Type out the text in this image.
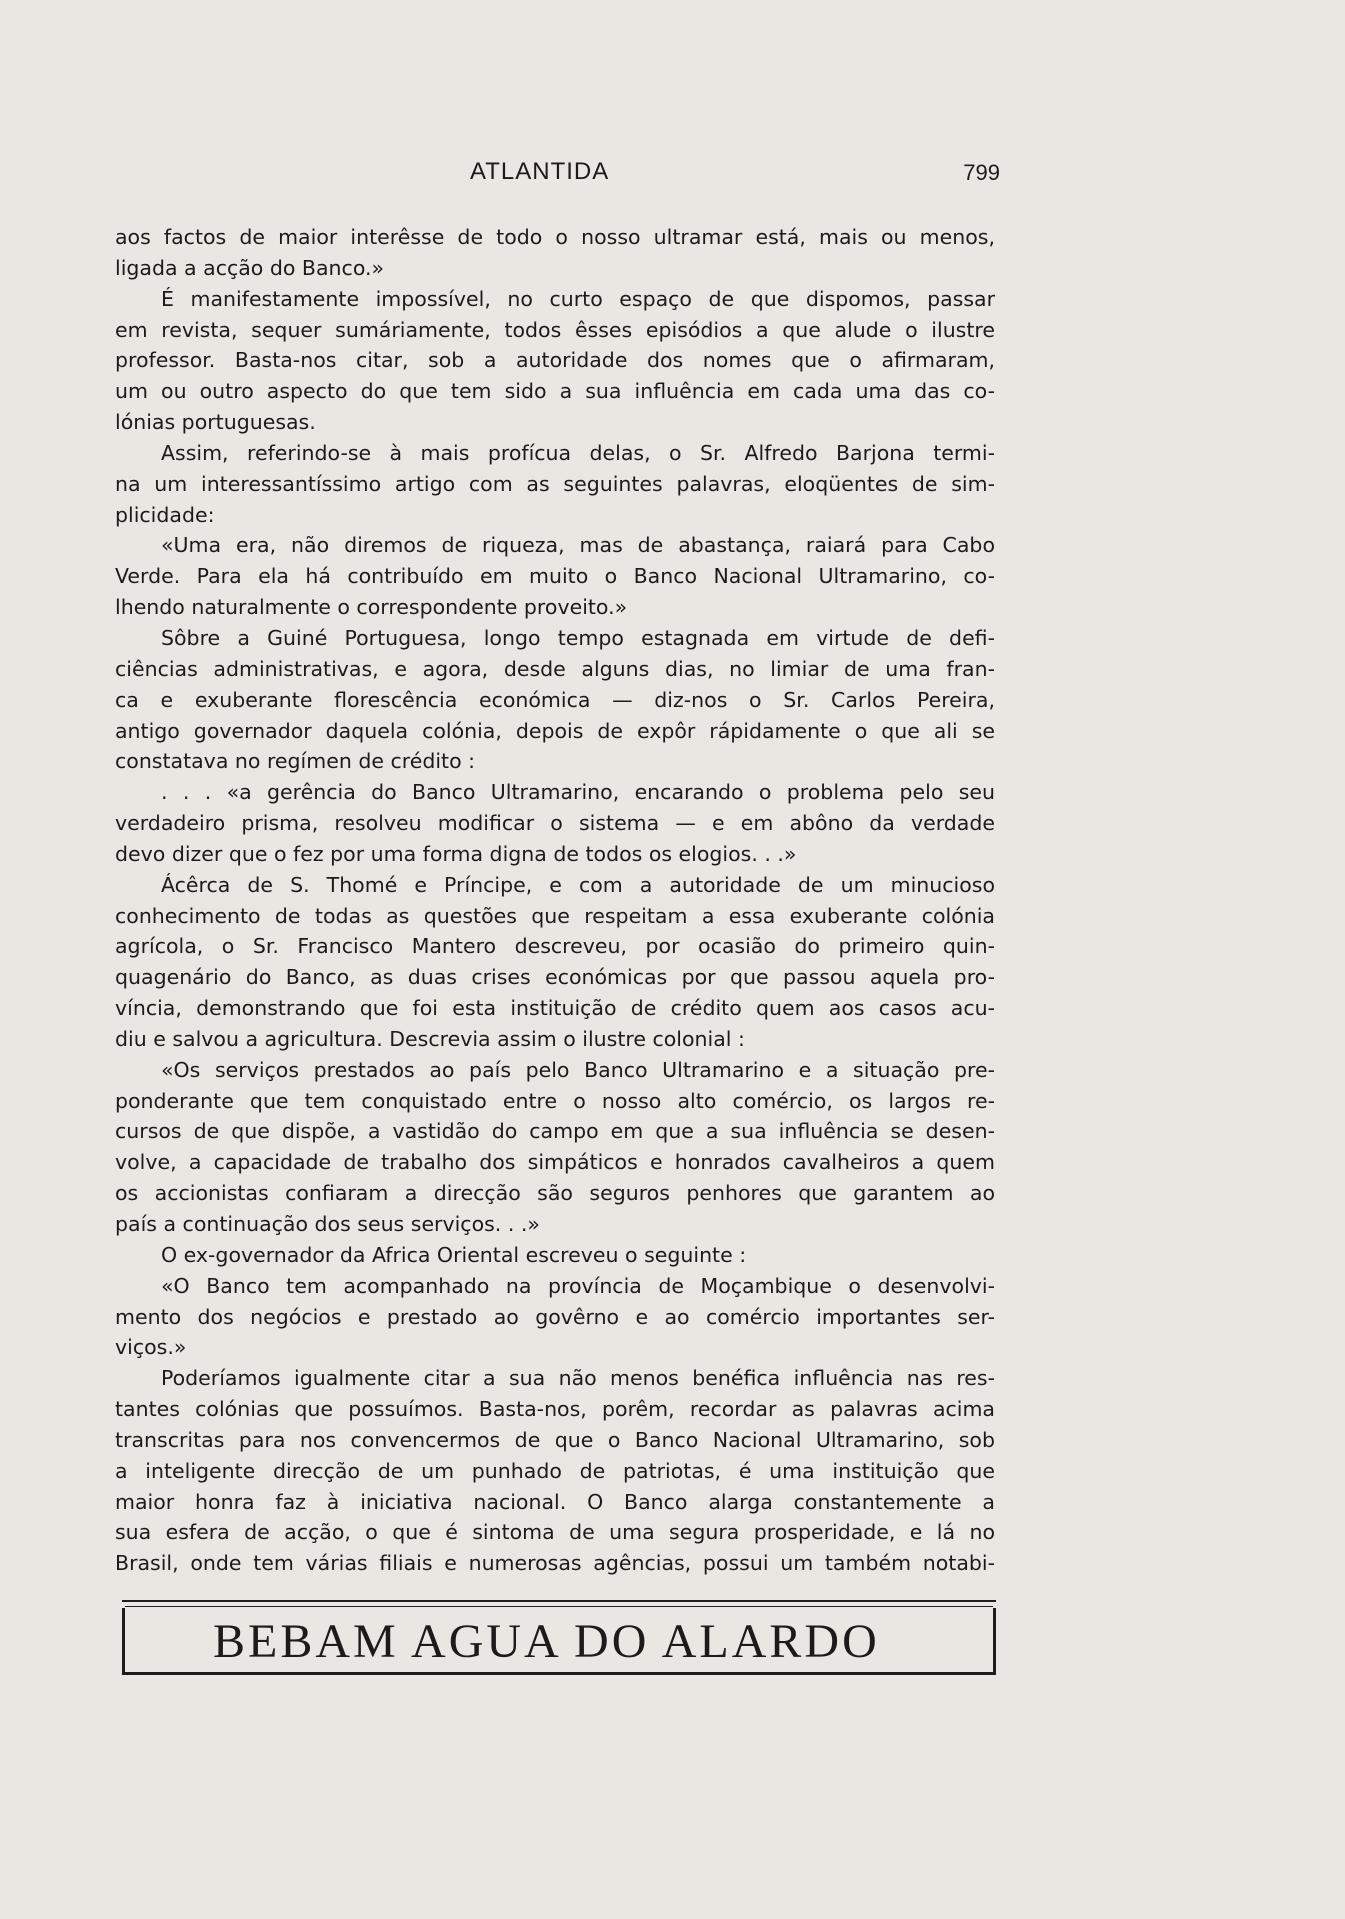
ATLANTIDA	799
aos factos de maior interêsse de todo o nosso ultramar está, mais ou menos,
ligada a acção do Banco.»
É manifestamente impossível, no curto espaço de que dispomos, passar
em revista, sequer sumáriamente, todos êsses episódios a que alude o ilustre
professor. Basta-nos citar, sob a autoridade dos nomes que o afirmaram,
um ou outro aspecto do que tem sido a sua influência em cada uma das co-
lónias portuguesas.
Assim, referindo-se à mais profícua delas, o Sr. Alfredo Barjona termi-
na um interessantíssimo artigo com as seguintes palavras, eloqüentes de sim-
plicidade:
«Uma era, não diremos de riqueza, mas de abastança, raiará para Cabo
Verde. Para ela há contribuído em muito o Banco Nacional Ultramarino, co-
lhendo naturalmente o correspondente proveito.»
Sôbre a Guiné Portuguesa, longo tempo estagnada em virtude de defi-
ciências administrativas, e agora, desde alguns dias, no limiar de uma fran-
ca e exuberante florescência económica — diz-nos o Sr. Carlos Pereira,
antigo governador daquela colónia, depois de expôr rápidamente o que ali se
constatava no regímen de crédito :
. . . «a gerência do Banco Ultramarino, encarando o problema pelo seu
verdadeiro prisma, resolveu modificar o sistema — e em abôno da verdade
devo dizer que o fez por uma forma digna de todos os elogios. . .»
Ácêrca de S. Thomé e Príncipe, e com a autoridade de um minucioso
conhecimento de todas as questões que respeitam a essa exuberante colónia
agrícola, o Sr. Francisco Mantero descreveu, por ocasião do primeiro quin-
quagenário do Banco, as duas crises económicas por que passou aquela pro-
víncia, demonstrando que foi esta instituição de crédito quem aos casos acu-
diu e salvou a agricultura. Descrevia assim o ilustre colonial :
«Os serviços prestados ao país pelo Banco Ultramarino e a situação pre-
ponderante que tem conquistado entre o nosso alto comércio, os largos re-
cursos de que dispõe, a vastidão do campo em que a sua influência se desen-
volve, a capacidade de trabalho dos simpáticos e honrados cavalheiros a quem
os accionistas confiaram a direcção são seguros penhores que garantem ao
país a continuação dos seus serviços. . .»
O ex-governador da Africa Oriental escreveu o seguinte :
«O Banco tem acompanhado na província de Moçambique o desenvolvi-
mento dos negócios e prestado ao govêrno e ao comércio importantes ser-
viços.»
Poderíamos igualmente citar a sua não menos benéfica influência nas res-
tantes colónias que possuímos. Basta-nos, porêm, recordar as palavras acima
transcritas para nos convencermos de que o Banco Nacional Ultramarino, sob
a inteligente direcção de um punhado de patriotas, é uma instituição que
maior honra faz à iniciativa nacional. O Banco alarga constantemente a
sua esfera de acção, o que é sintoma de uma segura prosperidade, e lá no
Brasil, onde tem várias filiais e numerosas agências, possui um também notabi-
BEBAM AGUA DO ALARDO
